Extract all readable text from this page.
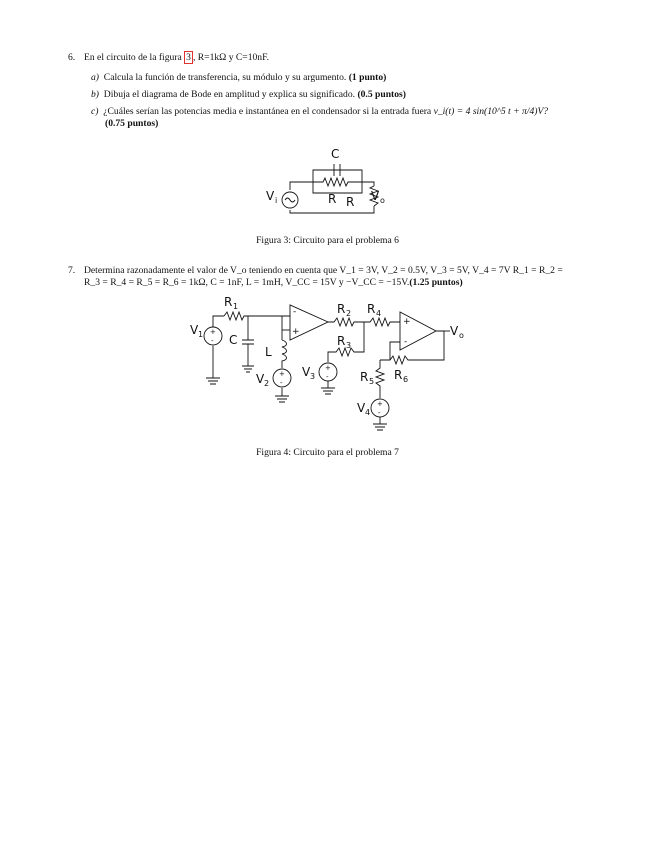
6. En el circuito de la figura 3 , R=1kΩ y C=10nF.
a) Calcula la función de transferencia, su módulo y su argumento. (1 punto)
b) Dibuja el diagrama de Bode en amplitud y explica su significado. (0.5 puntos)
c) ¿Cuáles serían las potencias media e instantánea en el condensador si la entrada fuera v_i(t) = 4 sin(10^5 t + π/4)V?
(0.75 puntos)
C
V i	R R V o
Figura 3: Circuito para el problema 6
7. Determina razonadamente el valor de V_o teniendo en cuenta que V_1 = 3V, V_2 = 0.5V, V_3 = 5V, V_4 = 7V R_1 = R_2 =
R_3 = R_4 = R_5 = R_6 = 1kΩ, C = 1nF, L = 1mH, V_CC = 15V y −V_CC = −15V.(1.25 puntos)
-
+
+
-
R 1
V 1 C
L
V 2
R 2 R 4
R 3
V 3	R 5 R 6
V 4
V o
+
-
+
-
+
-
+
-
Figura 4: Circuito para el problema 7
